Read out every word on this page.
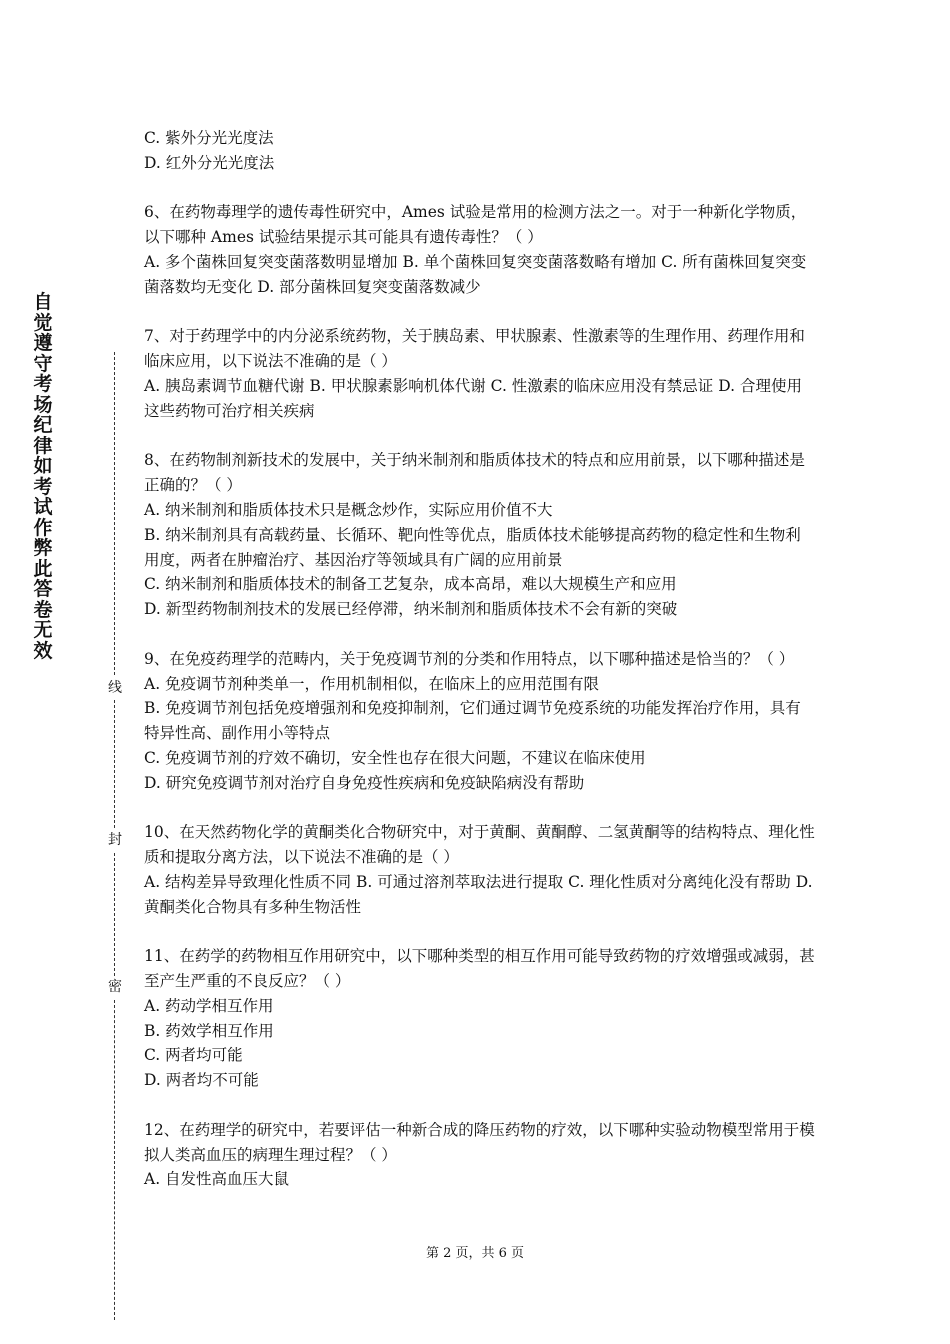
自觉遵守考场纪律如考试作弊此答卷无效
线
封
密

C. 紫外分光光度法

D. 红外分光光度法

6、在药物毒理学的遗传毒性研究中，Ames 试验是常用的检测方法之一。对于一种新化学物质，以下哪种 Ames 试验结果提示其可能具有遗传毒性？（ ）

A. 多个菌株回复突变菌落数明显增加 B. 单个菌株回复突变菌落数略有增加 C. 所有菌株回复突变菌落数均无变化 D. 部分菌株回复突变菌落数减少

7、对于药理学中的内分泌系统药物，关于胰岛素、甲状腺素、性激素等的生理作用、药理作用和临床应用，以下说法不准确的是（ ）

A. 胰岛素调节血糖代谢 B. 甲状腺素影响机体代谢 C. 性激素的临床应用没有禁忌证 D. 合理使用这些药物可治疗相关疾病

8、在药物制剂新技术的发展中，关于纳米制剂和脂质体技术的特点和应用前景，以下哪种描述是正确的？（ ）

A. 纳米制剂和脂质体技术只是概念炒作，实际应用价值不大

B. 纳米制剂具有高载药量、长循环、靶向性等优点，脂质体技术能够提高药物的稳定性和生物利用度，两者在肿瘤治疗、基因治疗等领域具有广阔的应用前景

C. 纳米制剂和脂质体技术的制备工艺复杂，成本高昂，难以大规模生产和应用

D. 新型药物制剂技术的发展已经停滞，纳米制剂和脂质体技术不会有新的突破

9、在免疫药理学的范畴内，关于免疫调节剂的分类和作用特点，以下哪种描述是恰当的？（ ）

A. 免疫调节剂种类单一，作用机制相似，在临床上的应用范围有限

B. 免疫调节剂包括免疫增强剂和免疫抑制剂，它们通过调节免疫系统的功能发挥治疗作用，具有特异性高、副作用小等特点

C. 免疫调节剂的疗效不确切，安全性也存在很大问题，不建议在临床使用

D. 研究免疫调节剂对治疗自身免疫性疾病和免疫缺陷病没有帮助

10、在天然药物化学的黄酮类化合物研究中，对于黄酮、黄酮醇、二氢黄酮等的结构特点、理化性质和提取分离方法，以下说法不准确的是（ ）

A. 结构差异导致理化性质不同 B. 可通过溶剂萃取法进行提取 C. 理化性质对分离纯化没有帮助 D. 黄酮类化合物具有多种生物活性

11、在药学的药物相互作用研究中，以下哪种类型的相互作用可能导致药物的疗效增强或减弱，甚至产生严重的不良反应？（ ）

A. 药动学相互作用

B. 药效学相互作用

C. 两者均可能

D. 两者均不可能

12、在药理学的研究中，若要评估一种新合成的降压药物的疗效，以下哪种实验动物模型常用于模拟人类高血压的病理生理过程？（ ）

A. 自发性高血压大鼠

第 2 页，共 6 页
